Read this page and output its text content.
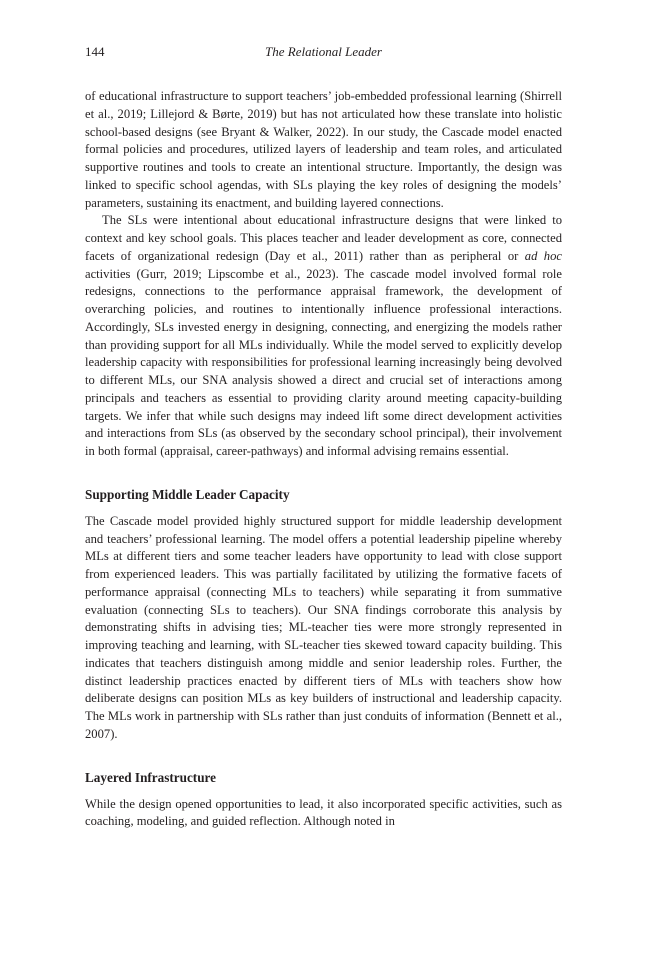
144	The Relational Leader

of educational infrastructure to support teachers’ job-embedded professional learning (Shirrell et al., 2019; Lillejord & Børte, 2019) but has not articulated how these translate into holistic school-based designs (see Bryant & Walker, 2022). In our study, the Cascade model enacted formal policies and procedures, utilized layers of leadership and team roles, and articulated supportive routines and tools to create an intentional structure. Importantly, the design was linked to specific school agendas, with SLs playing the key roles of designing the models’ parameters, sustaining its enactment, and building layered connections.

The SLs were intentional about educational infrastructure designs that were linked to context and key school goals. This places teacher and leader development as core, connected facets of organizational redesign (Day et al., 2011) rather than as peripheral or ad hoc activities (Gurr, 2019; Lipscombe et al., 2023). The cascade model involved formal role redesigns, connections to the performance appraisal framework, the development of overarching policies, and routines to intentionally influence professional interactions. Accordingly, SLs invested energy in designing, connecting, and energizing the models rather than providing support for all MLs individually. While the model served to explicitly develop leadership capacity with responsibilities for professional learning increasingly being devolved to different MLs, our SNA analysis showed a direct and crucial set of interactions among principals and teachers as essential to providing clarity around meeting capacity-building targets. We infer that while such designs may indeed lift some direct development activities and interactions from SLs (as observed by the secondary school principal), their involvement in both formal (appraisal, career-pathways) and informal advising remains essential.

Supporting Middle Leader Capacity

The Cascade model provided highly structured support for middle leadership development and teachers’ professional learning. The model offers a potential leadership pipeline whereby MLs at different tiers and some teacher leaders have opportunity to lead with close support from experienced leaders. This was partially facilitated by utilizing the formative facets of performance appraisal (connecting MLs to teachers) while separating it from summative evaluation (connecting SLs to teachers). Our SNA findings corroborate this analysis by demonstrating shifts in advising ties; ML-teacher ties were more strongly represented in improving teaching and learning, with SL-teacher ties skewed toward capacity building. This indicates that teachers distinguish among middle and senior leadership roles. Further, the distinct leadership practices enacted by different tiers of MLs with teachers show how deliberate designs can position MLs as key builders of instructional and leadership capacity. The MLs work in partnership with SLs rather than just conduits of information (Bennett et al., 2007).

Layered Infrastructure

While the design opened opportunities to lead, it also incorporated specific activities, such as coaching, modeling, and guided reflection. Although noted in
